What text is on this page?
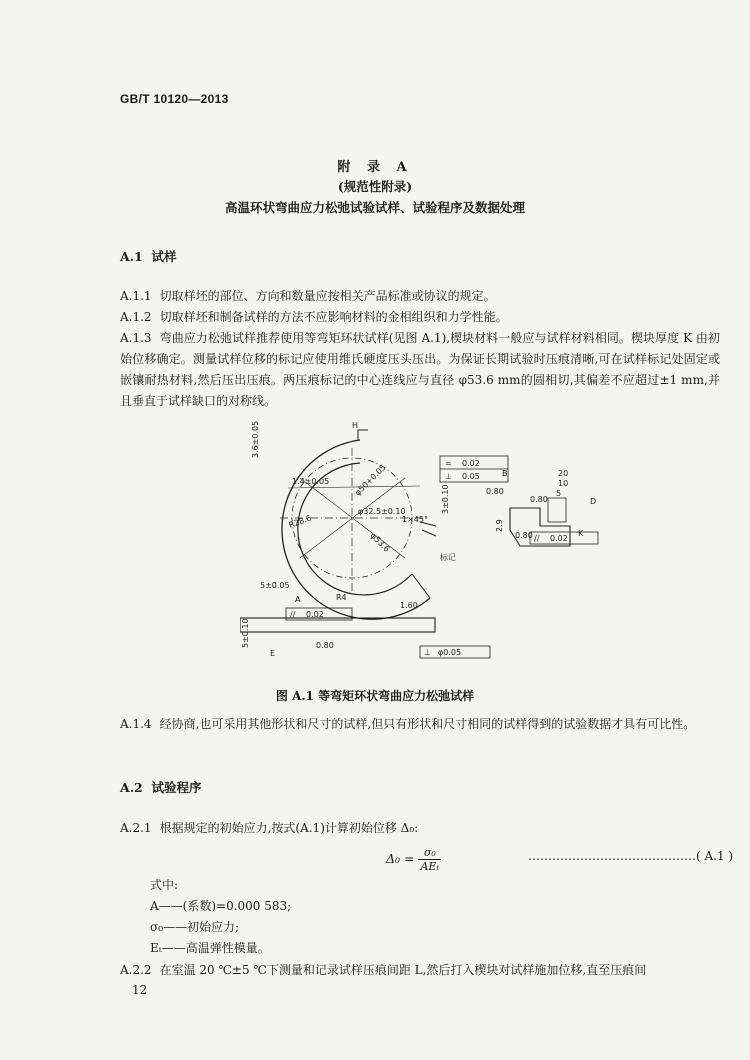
GB/T 10120—2013
附 录 A
(规范性附录)
高温环状弯曲应力松弛试验试样、试验程序及数据处理
A.1 试样
A.1.1 切取样坯的部位、方向和数量应按相关产品标准或协议的规定。
A.1.2 切取样坯和制备试样的方法不应影响材料的金相组织和力学性能。
A.1.3 弯曲应力松弛试样推荐使用等弯矩环状试样(见图 A.1),楔块材料一般应与试样材料相同。楔块厚度 K 由初始位移确定。测量试样位移的标记应使用维氏硬度压头压出。为保证长期试验时压痕清晰,可在试样标记处固定或嵌镶耐热材料,然后压出压痕。两压痕标记的中心连线应与直径 φ53.6 mm的圆相切,其偏差不应超过±1 mm,并且垂直于试样缺口的对称线。
3.6±0.05
1.4±0.05	φ50+0.05
φ32.5±0.10
R28.6
φ53.6
1×45°
3±0.10
5±0.05
R4
5±0.10
标记
H
A
E
B
D
K
= 0.02
⊥ 0.05
// 0.02
⊥ φ0.05
// 0.02
0.80
0.80
0.80
0.80
1.60
20
10
5
2.9
图 A.1 等弯矩环状弯曲应力松弛试样
A.1.4 经协商,也可采用其他形状和尺寸的试样,但只有形状和尺寸相同的试样得到的试验数据才具有可比性。
A.2 试验程序
A.2.1 根据规定的初始应力,按式(A.1)计算初始位移 Δ₀:
$\Delta_0 = \frac{\text{σ₀}}{\text{AEₜ}}$	……………………………………( A.1 )
式中:
A——(系数)=0.000 583;
σ₀——初始应力;
Eₜ——高温弹性模量。
A.2.2 在室温 20 ℃±5 ℃下测量和记录试样压痕间距 L,然后打入楔块对试样施加位移,直至压痕间
12
